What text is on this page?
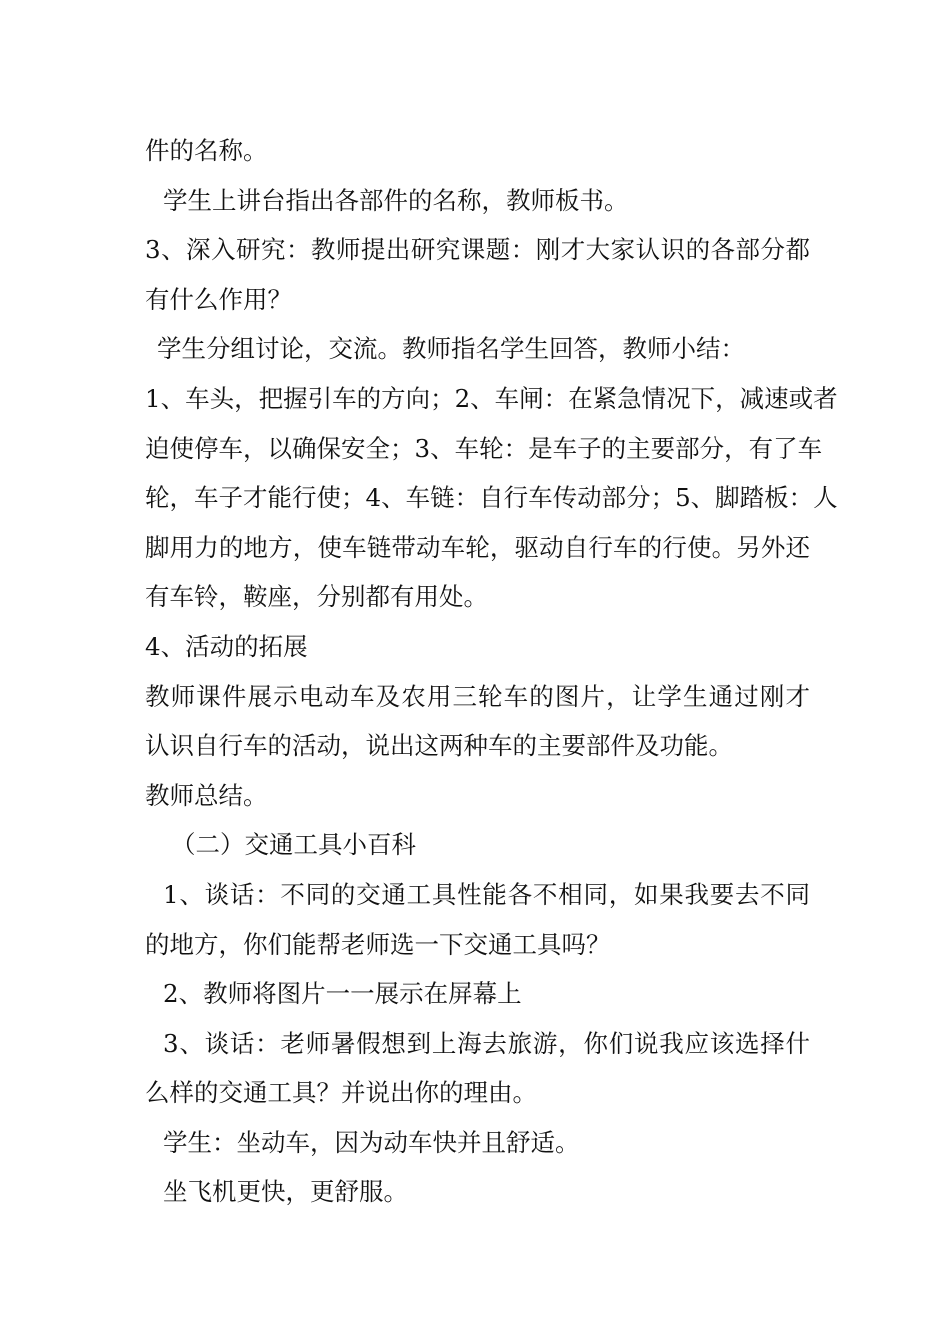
件的名称。
学生上讲台指出各部件的名称，教师板书。
3、深入研究：教师提出研究课题：刚才大家认识的各部分都
有什么作用？
学生分组讨论，交流。教师指名学生回答，教师小结：
1、车头，把握引车的方向；2、车闸：在紧急情况下，减速或者
迫使停车，以确保安全；3、车轮：是车子的主要部分，有了车
轮，车子才能行使；4、车链：自行车传动部分；5、脚踏板：人
脚用力的地方，使车链带动车轮，驱动自行车的行使。另外还
有车铃，鞍座，分别都有用处。
4、活动的拓展
教师课件展示电动车及农用三轮车的图片，让学生通过刚才
认识自行车的活动，说出这两种车的主要部件及功能。
教师总结。
（二）交通工具小百科
1、谈话：不同的交通工具性能各不相同，如果我要去不同
的地方，你们能帮老师选一下交通工具吗？
2、教师将图片一一展示在屏幕上
3、谈话：老师暑假想到上海去旅游，你们说我应该选择什
么样的交通工具？并说出你的理由。
学生：坐动车，因为动车快并且舒适。
坐飞机更快，更舒服。
